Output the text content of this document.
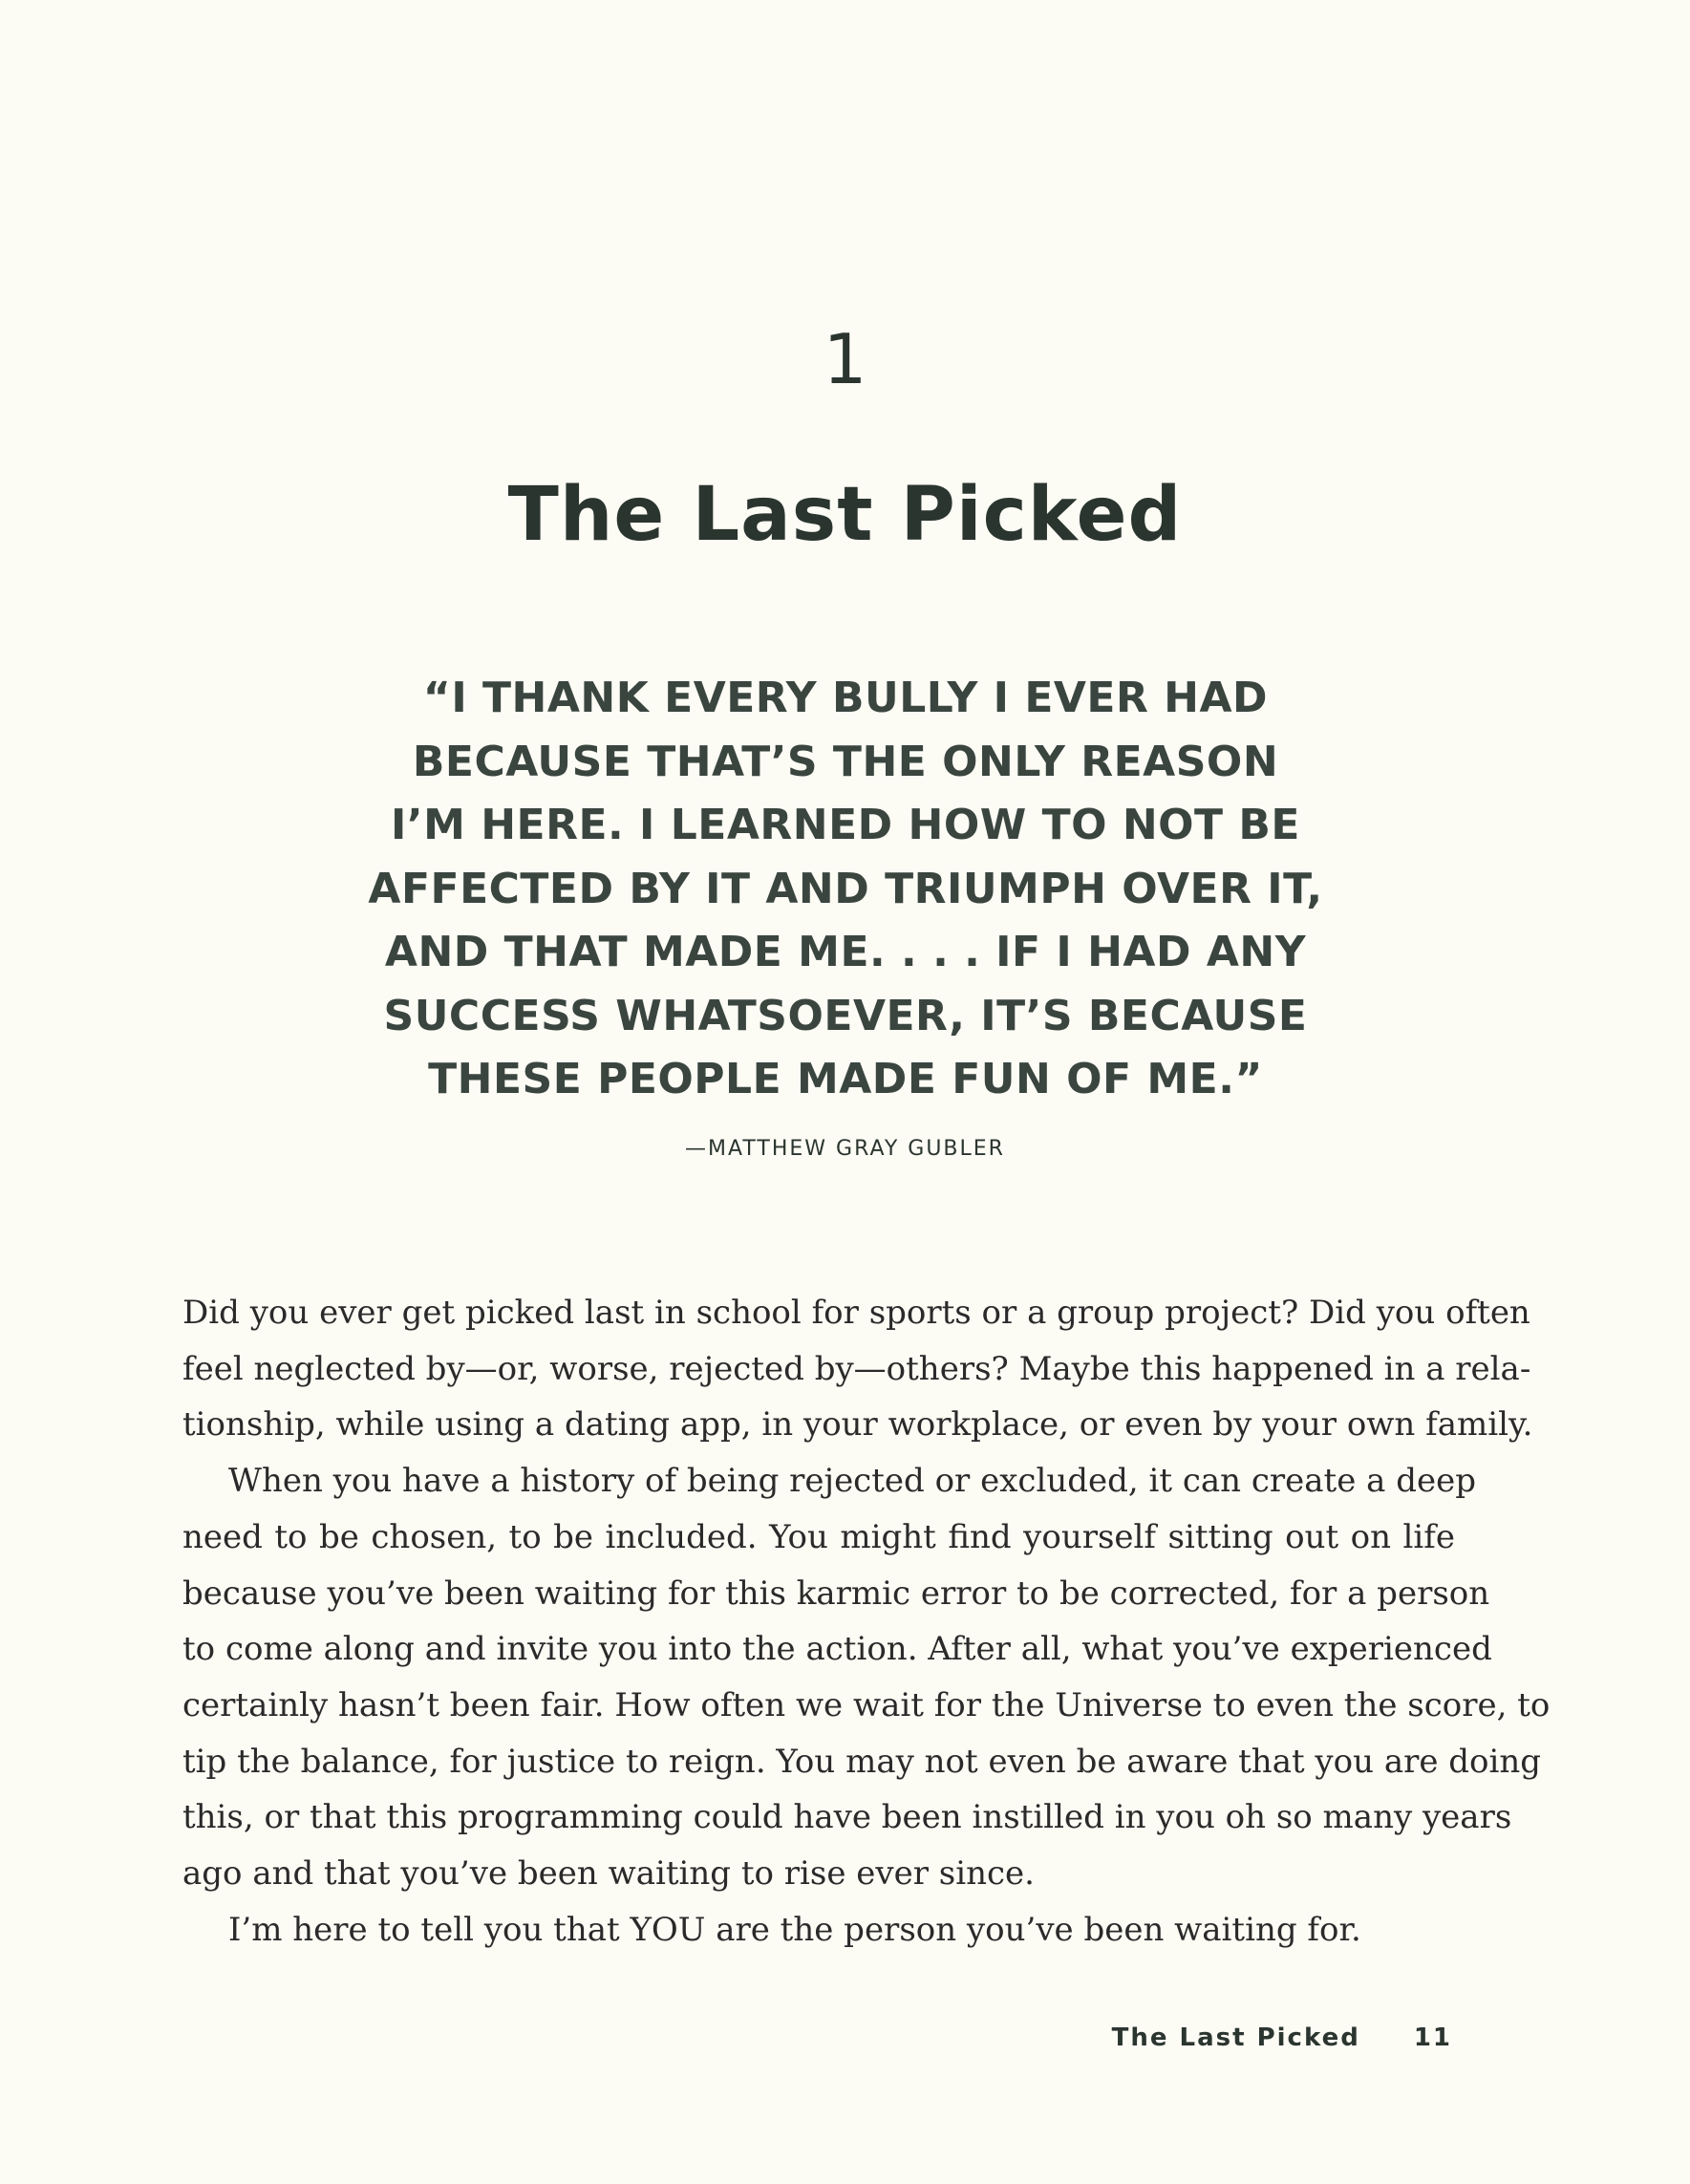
1
The Last Picked
“I THANK EVERY BULLY I EVER HAD
BECAUSE THAT’S THE ONLY REASON
I’M HERE. I LEARNED HOW TO NOT BE
AFFECTED BY IT AND TRIUMPH OVER IT,
AND THAT MADE ME. . . . IF I HAD ANY
SUCCESS WHATSOEVER, IT’S BECAUSE
THESE PEOPLE MADE FUN OF ME.”
—MATTHEW GRAY GUBLER
Did you ever get picked last in school for sports or a group project? Did you often
feel neglected by—or, worse, rejected by—others? Maybe this happened in a rela-
tionship, while using a dating app, in your workplace, or even by your own family.
When you have a history of being rejected or excluded, it can create a deep
need to be chosen, to be included. You might find yourself sitting out on life
because you’ve been waiting for this karmic error to be corrected, for a person
to come along and invite you into the action. After all, what you’ve experienced
certainly hasn’t been fair. How often we wait for the Universe to even the score, to
tip the balance, for justice to reign. You may not even be aware that you are doing
this, or that this programming could have been instilled in you oh so many years
ago and that you’ve been waiting to rise ever since.
I’m here to tell you that YOU are the person you’ve been waiting for.
The Last Picked 11
